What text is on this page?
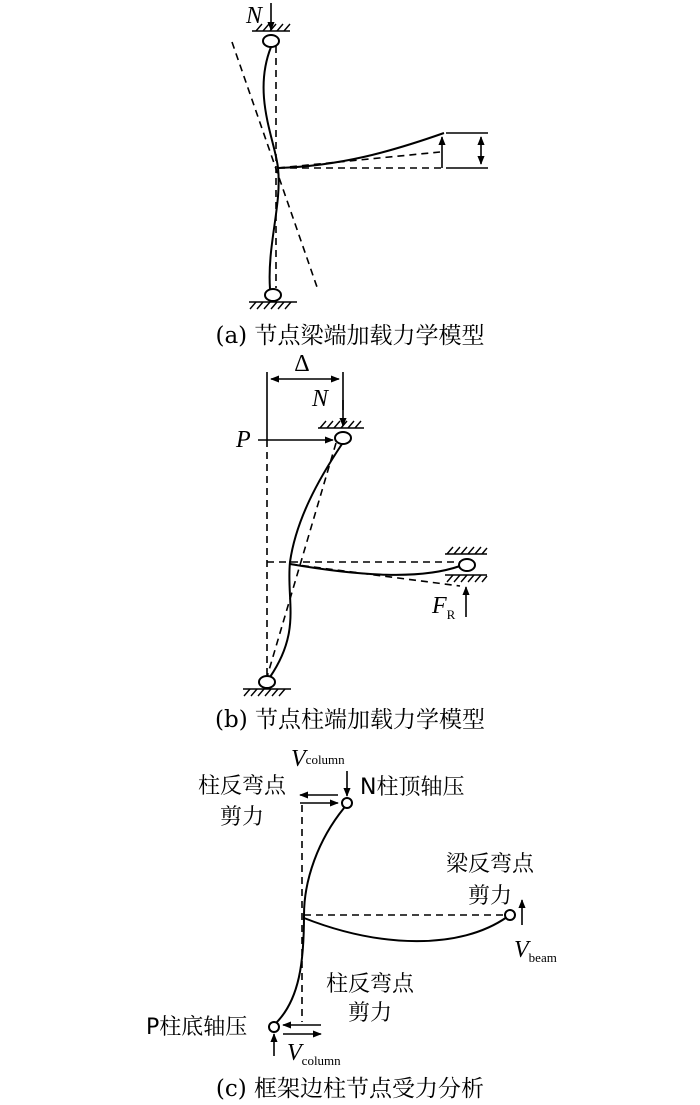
N
(a) 节点梁端加载力学模型
Δ
N
P
$F_R$
(b) 节点柱端加载力学模型
Vcolumn
柱反弯点
剪力
N柱顶轴压
梁反弯点
剪力
$V_{beam}$
柱反弯点
剪力
P柱底轴压
$V_{column}$
(c) 框架边柱节点受力分析
